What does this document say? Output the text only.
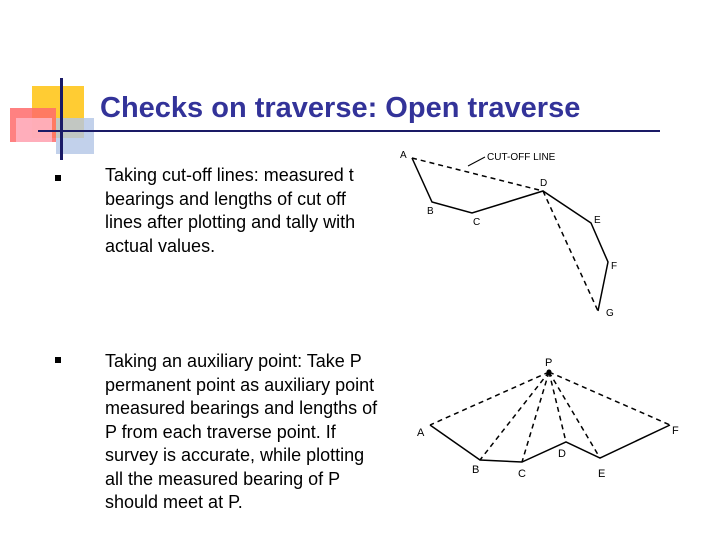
Checks on traverse: Open traverse
Taking cut-off lines: measured t
bearings and lengths of cut off
lines after plotting and tally with
actual values.
Taking an auxiliary point: Take P
permanent point as auxiliary point
measured bearings and lengths of
P from each traverse point. If
survey is accurate, while plotting
all the measured bearing of P
should meet at P.
CUT-OFF LINE
A
B
C
D
E
F
G
P
A
B	C
D
E
F
